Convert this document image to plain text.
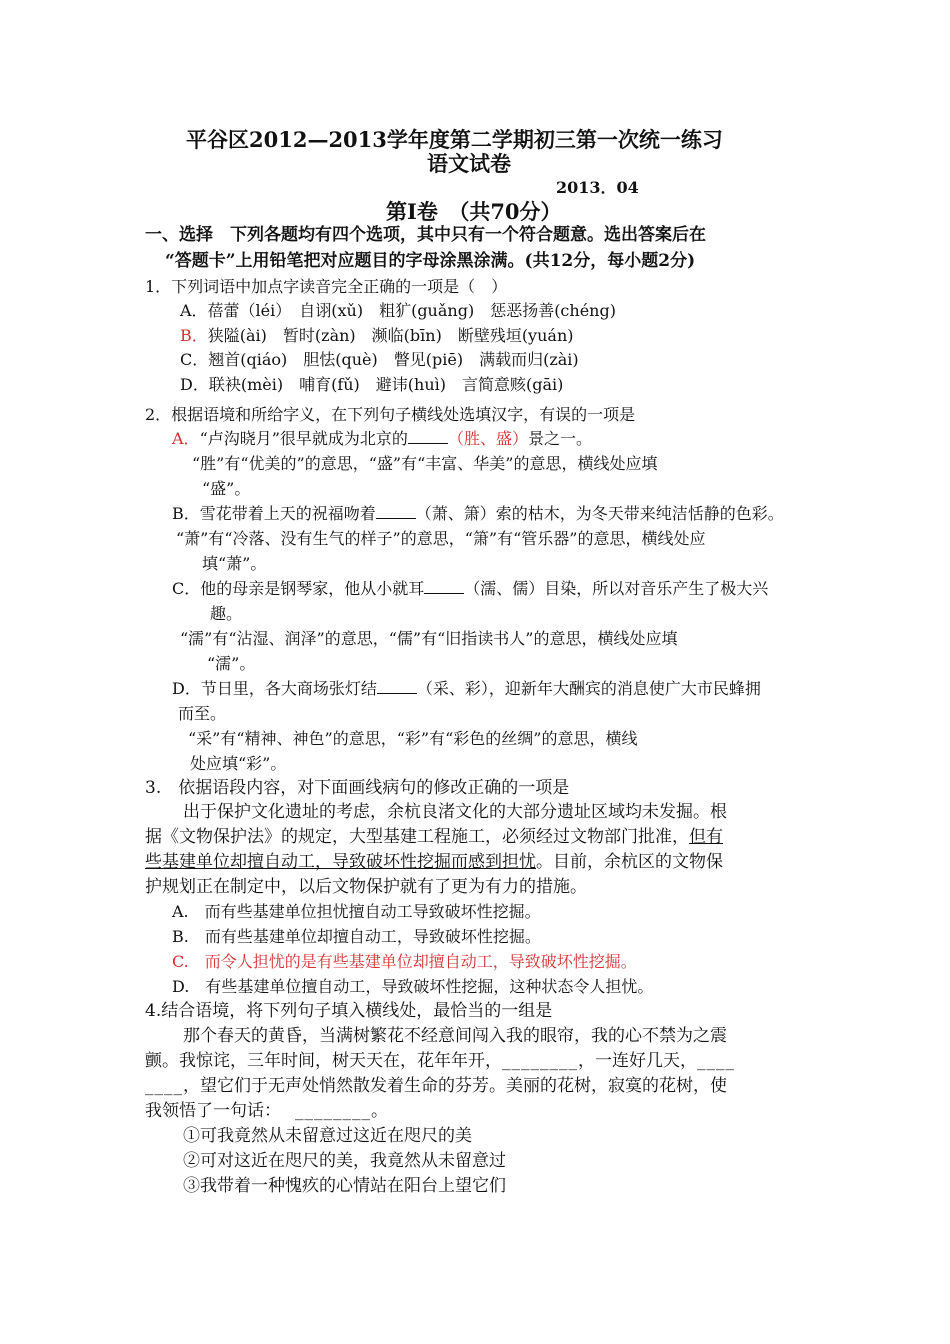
平谷区2012—2013学年度第二学期初三第一次统一练习
语文试卷
2013．04
第Ⅰ卷　（共70分）
一、选择　下列各题均有四个选项，其中只有一个符合题意。选出答案后在
“答题卡”上用铅笔把对应题目的字母涂黑涂满。(共12分，每小题2分)
1．下列词语中加点字读音完全正确的一项是（　）
A．蓓蕾（léi）　自诩(xǔ)　粗犷(guǎng)　惩恶扬善(chéng)
B．狭隘(ài)　暂时(zàn)　濒临(bīn)　断壁残垣(yuán)
C．翘首(qiáo)　胆怯(què)　瞥见(piē)　满载而归(zài)
D．联袂(mèi)　哺育(fǔ)　避讳(huì)　言简意赅(gāi)
2．根据语境和所给字义，在下列句子横线处选填汉字，有误的一项是
A．“卢沟晓月”很早就成为北京的	（胜、盛）景之一。
“胜”有“优美的”的意思，“盛”有“丰富、华美”的意思，横线处应填
“盛”。
B．雪花带着上天的祝福吻着	（萧、箫）索的枯木，为冬天带来纯洁恬静的色彩。
“萧”有“冷落、没有生气的样子”的意思，“箫”有“管乐器”的意思，横线处应
填“萧”。
C．他的母亲是钢琴家，他从小就耳	（濡、儒）目染，所以对音乐产生了极大兴
趣。
“濡”有“沾湿、润泽”的意思，“儒”有“旧指读书人”的意思，横线处应填
“濡”。
D．节日里，各大商场张灯结	（采、彩），迎新年大酬宾的消息使广大市民蜂拥
而至。
“采”有“精神、神色”的意思，“彩”有“彩色的丝绸”的意思，横线
处应填“彩”。
3.　依据语段内容，对下面画线病句的修改正确的一项是
出于保护文化遗址的考虑，余杭良渚文化的大部分遗址区域均未发掘。根
据《文物保护法》的规定，大型基建工程施工，必须经过文物部门批准，但有
些基建单位却擅自动工，导致破坏性挖掘而感到担忧。目前，余杭区的文物保
护规划正在制定中，以后文物保护就有了更为有力的措施。
A.　而有些基建单位担忧擅自动工导致破坏性挖掘。
B.　而有些基建单位却擅自动工，导致破坏性挖掘。
C.　而令人担忧的是有些基建单位却擅自动工，导致破坏性挖掘。
D.　有些基建单位擅自动工，导致破坏性挖掘，这种状态令人担忧。
4.结合语境，将下列句子填入横线处，最恰当的一组是
那个春天的黄昏，当满树繁花不经意间闯入我的眼帘，我的心不禁为之震
颤。我惊诧，三年时间，树天天在，花年年开，________，一连好几天，____
____，望它们于无声处悄然散发着生命的芬芳。美丽的花树，寂寞的花树，使
我领悟了一句话： ________。
①可我竟然从未留意过这近在咫尺的美
②可对这近在咫尺的美，我竟然从未留意过
③我带着一种愧疚的心情站在阳台上望它们
